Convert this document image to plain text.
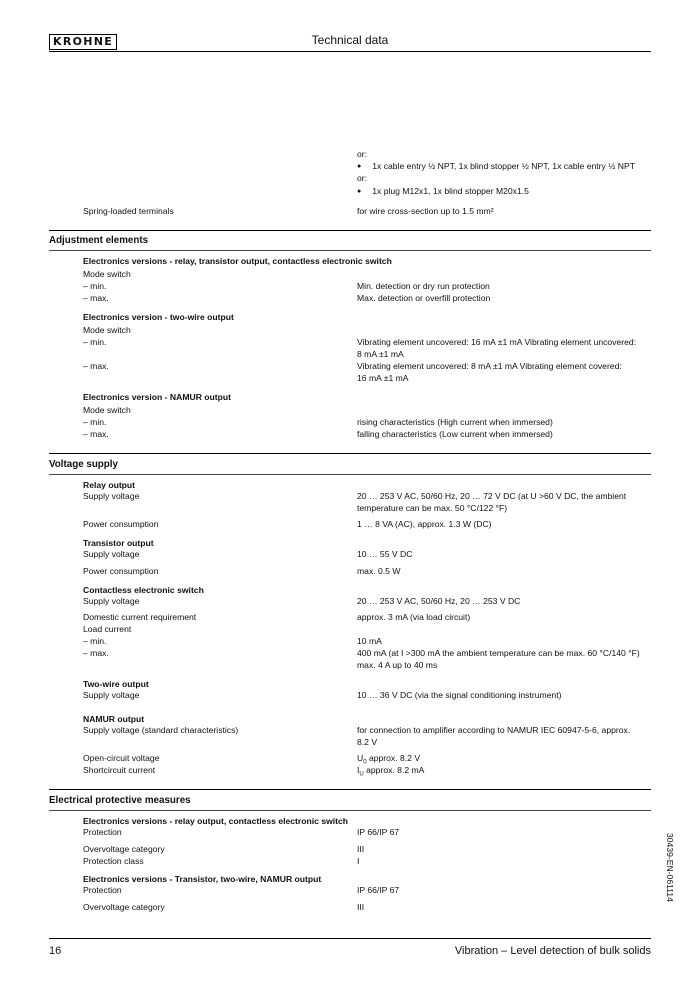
KROHNE	Technical data
or:
● 1x cable entry ½ NPT, 1x blind stopper ½ NPT, 1x cable entry ½ NPT
or:
● 1x plug M12x1, 1x blind stopper M20x1.5
Spring-loaded terminals	for wire cross-section up to 1.5 mm²
Adjustment elements
Electronics versions - relay, transistor output, contactless electronic switch
Mode switch
– min.	Min. detection or dry run protection
– max.	Max. detection or overfill protection
Electronics version - two-wire output
Mode switch
– min.	Vibrating element uncovered: 16 mA ±1 mA Vibrating element uncovered:
8 mA ±1 mA
– max.	Vibrating element uncovered: 8 mA ±1 mA Vibrating element covered:
16 mA ±1 mA
Electronics version - NAMUR output
Mode switch
– min.	rising characteristics (High current when immersed)
– max.	falling characteristics (Low current when immersed)
Voltage supply
Relay output
Supply voltage	20 … 253 V AC, 50/60 Hz, 20 … 72 V DC (at U >60 V DC, the ambient
temperature can be max. 50 °C/122 °F)
Power consumption	1 … 8 VA (AC), approx. 1.3 W (DC)
Transistor output
Supply voltage	10 … 55 V DC
Power consumption	max. 0.5 W
Contactless electronic switch
Supply voltage	20 … 253 V AC, 50/60 Hz, 20 … 253 V DC
Domestic current requirement	approx. 3 mA (via load circuit)
Load current
– min.	10 mA
– max.	400 mA (at I >300 mA the ambient temperature can be max. 60 °C/140 °F)
max. 4 A up to 40 ms
Two-wire output
Supply voltage	10 … 36 V DC (via the signal conditioning instrument)
NAMUR output
Supply voltage (standard characteristics)	for connection to amplifier according to NAMUR IEC 60947-5-6, approx.
8.2 V
Open-circuit voltage	$U_0$ approx. 8.2 V
Shortcircuit current	$I_U$ approx. 8.2 mA
Electrical protective measures
Electronics versions - relay output, contactless electronic switch
Protection	IP 66/IP 67
Overvoltage category	III
Protection class	I
Electronics versions - Transistor, two-wire, NAMUR output
Protection	IP 66/IP 67
Overvoltage category	III
30439-EN-061114
16	Vibration – Level detection of bulk solids
